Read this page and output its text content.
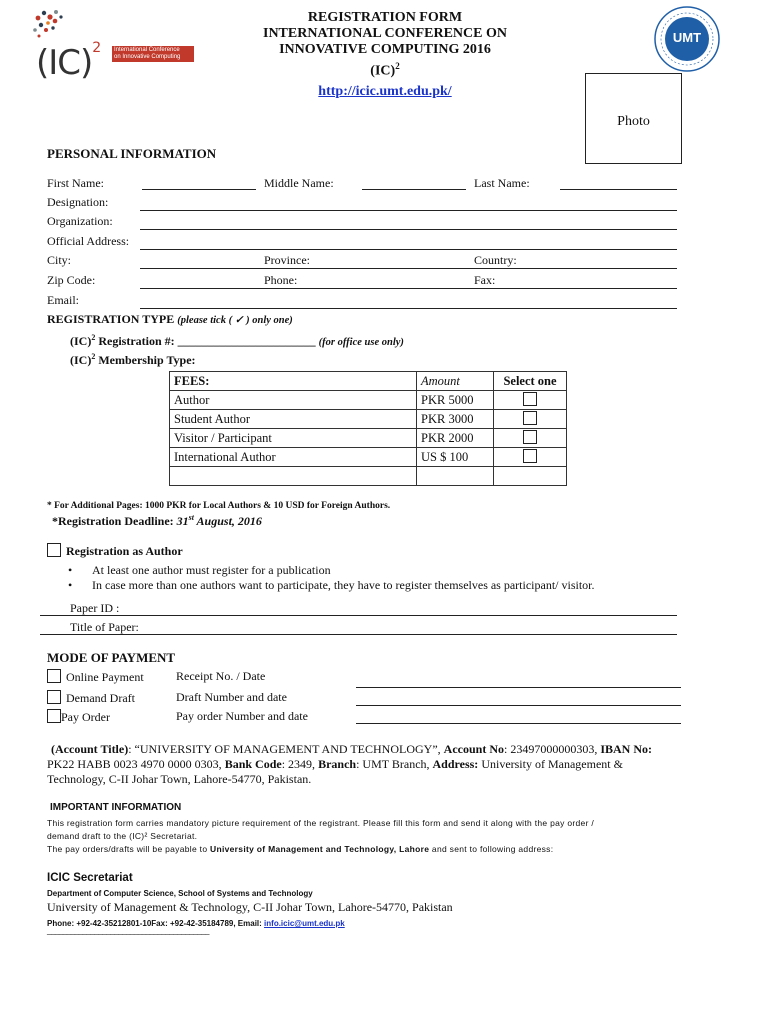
(IC)$^2$ International Conference
on Innovative Computing
REGISTRATION FORM
INTERNATIONAL CONFERENCE ON
INNOVATIVE COMPUTING 2016
(IC)$^2$
http://icic.umt.edu.pk/
UMT
Photo
PERSONAL INFORMATION
First Name:	Middle Name:	Last Name:
Designation:
Organization:
Official Address:
City:	Province:	Country:
Zip Code:	Phone:	Fax:
Email:
REGISTRATION TYPE (please tick ( ✓ ) only one)
(IC)$^2$ Registration #: _______________________ (for office use only)
(IC)$^2$ Membership Type:
FEES:	Amount	Select one
Author	PKR 5000	
Student Author	PKR 3000	
Visitor / Participant	PKR 2000	
International Author	US $ 100	

* For Additional Pages: 1000 PKR for Local Authors & 10 USD for Foreign Authors.
*Registration Deadline: 31st August, 2016
Registration as Author
• At least one author must register for a publication
• In case more than one authors want to participate, they have to register themselves as participant/ visitor.
Paper ID :
Title of Paper:
MODE OF PAYMENT
Online Payment	Receipt No. / Date
Demand Draft	Draft Number and date
Pay Order	Pay order Number and date
(Account Title): “UNIVERSITY OF MANAGEMENT AND TECHNOLOGY”, Account No: 23497000000303, IBAN No:
PK22 HABB 0023 4970 0000 0303, Bank Code: 2349, Branch: UMT Branch, Address: University of Management &
Technology, C-II Johar Town, Lahore-54770, Pakistan.
IMPORTANT INFORMATION
This registration form carries mandatory picture requirement of the registrant. Please fill this form and send it along with the pay order /
demand draft to the (IC)² Secretariat.
The pay orders/drafts will be payable to University of Management and Technology, Lahore and sent to following address:
ICIC Secretariat
Department of Computer Science, School of Systems and Technology
University of Management & Technology, C-II Johar Town, Lahore-54770, Pakistan
Phone: +92-42-35212801-10Fax: +92-42-35184789, Email: info.icic@umt.edu.pk
_________________________________________
